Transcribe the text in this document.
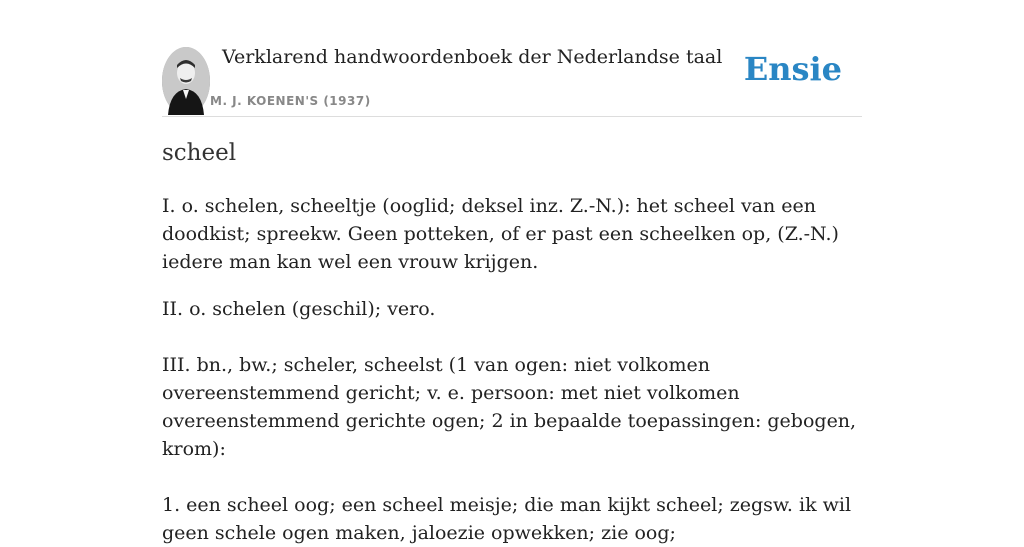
Verklarend handwoordenboek der Nederlandse taal
M. J. KOENEN'S (1937)
Ensie
scheel

I. o. schelen, scheeltje (ooglid; deksel inz. Z.-N.): het scheel van een doodkist; spreekw. Geen potteken, of er past een scheelken op, (Z.-N.) iedere man kan wel een vrouw krijgen.

II. o. schelen (geschil); vero.

III. bn., bw.; scheler, scheelst (1 van ogen: niet volkomen overeenstemmend gericht; v. e. persoon: met niet volkomen overeenstemmend gerichte ogen; 2 in bepaalde toepassingen: gebogen, krom):

1. een scheel oog; een scheel meisje; die man kijkt scheel; zegsw. ik wil geen schele ogen maken, jaloezie opwekken; zie oog;
